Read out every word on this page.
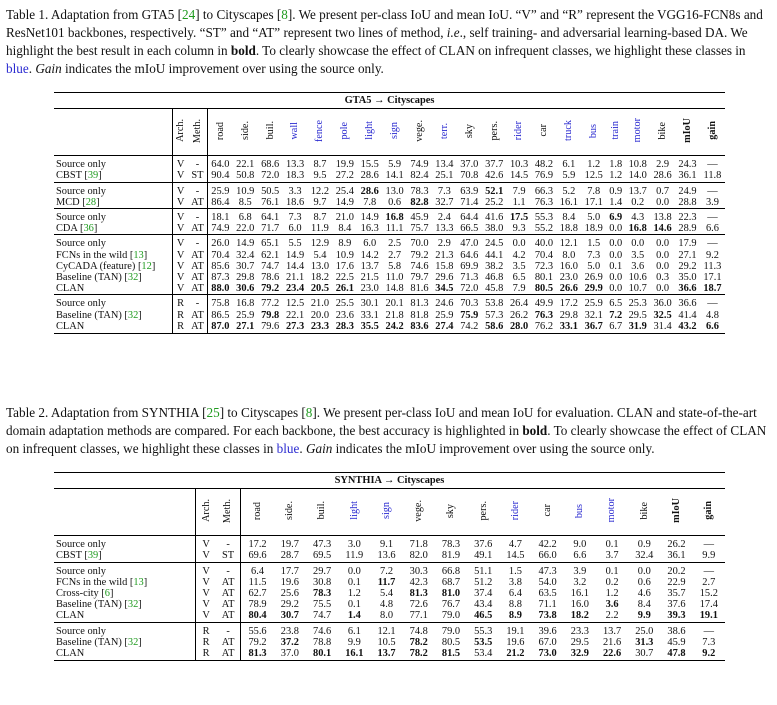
Table 1. Adaptation from GTA5 [24] to Cityscapes [8]. We present per-class IoU and mean IoU. “V” and “R” represent the VGG16-FCN8s and ResNet101 backbones, respectively. “ST” and “AT” represent two lines of method, i.e., self training- and adversarial learning-based DA. We highlight the best result in each column in bold. To clearly showcase the effect of CLAN on infrequent classes, we highlight these classes in blue. Gain indicates the mIoU improvement over using the source only.
GTA5 → Cityscapes																							
	Arch.	Meth.	road	side.	buil.	wall	fence	pole	light	sign	vege.	terr.	sky	pers.	rider	car	truck	bus	train	motor	bike	mIoU	gain
Source only	V	-	64.0	22.1	68.6	13.3	8.7	19.9	15.5	5.9	74.9	13.4	37.0	37.7	10.3	48.2	6.1	1.2	1.8	10.8	2.9	24.3	—
CBST [39]	V	ST	90.4	50.8	72.0	18.3	9.5	27.2	28.6	14.1	82.4	25.1	70.8	42.6	14.5	76.9	5.9	12.5	1.2	14.0	28.6	36.1	11.8
Source only	V	-	25.9	10.9	50.5	3.3	12.2	25.4	28.6	13.0	78.3	7.3	63.9	52.1	7.9	66.3	5.2	7.8	0.9	13.7	0.7	24.9	—
MCD [28]	V	AT	86.4	8.5	76.1	18.6	9.7	14.9	7.8	0.6	82.8	32.7	71.4	25.2	1.1	76.3	16.1	17.1	1.4	0.2	0.0	28.8	3.9
Source only	V	-	18.1	6.8	64.1	7.3	8.7	21.0	14.9	16.8	45.9	2.4	64.4	41.6	17.5	55.3	8.4	5.0	6.9	4.3	13.8	22.3	—
CDA [36]	V	AT	74.9	22.0	71.7	6.0	11.9	8.4	16.3	11.1	75.7	13.3	66.5	38.0	9.3	55.2	18.8	18.9	0.0	16.8	14.6	28.9	6.6
Source only	V	-	26.0	14.9	65.1	5.5	12.9	8.9	6.0	2.5	70.0	2.9	47.0	24.5	0.0	40.0	12.1	1.5	0.0	0.0	0.0	17.9	—
FCNs in the wild [13]	V	AT	70.4	32.4	62.1	14.9	5.4	10.9	14.2	2.7	79.2	21.3	64.6	44.1	4.2	70.4	8.0	7.3	0.0	3.5	0.0	27.1	9.2
CyCADA (feature) [12]	V	AT	85.6	30.7	74.7	14.4	13.0	17.6	13.7	5.8	74.6	15.8	69.9	38.2	3.5	72.3	16.0	5.0	0.1	3.6	0.0	29.2	11.3
Baseline (TAN) [32]	V	AT	87.3	29.8	78.6	21.1	18.2	22.5	21.5	11.0	79.7	29.6	71.3	46.8	6.5	80.1	23.0	26.9	0.0	10.6	0.3	35.0	17.1
CLAN	V	AT	88.0	30.6	79.2	23.4	20.5	26.1	23.0	14.8	81.6	34.5	72.0	45.8	7.9	80.5	26.6	29.9	0.0	10.7	0.0	36.6	18.7
Source only	R	-	75.8	16.8	77.2	12.5	21.0	25.5	30.1	20.1	81.3	24.6	70.3	53.8	26.4	49.9	17.2	25.9	6.5	25.3	36.0	36.6	—
Baseline (TAN) [32]	R	AT	86.5	25.9	79.8	22.1	20.0	23.6	33.1	21.8	81.8	25.9	75.9	57.3	26.2	76.3	29.8	32.1	7.2	29.5	32.5	41.4	4.8
CLAN	R	AT	87.0	27.1	79.6	27.3	23.3	28.3	35.5	24.2	83.6	27.4	74.2	58.6	28.0	76.2	33.1	36.7	6.7	31.9	31.4	43.2	6.6
Table 2. Adaptation from SYNTHIA [25] to Cityscapes [8]. We present per-class IoU and mean IoU for evaluation. CLAN and state-of-the-art domain adaptation methods are compared. For each backbone, the best accuracy is highlighted in bold. To clearly showcase the effect of CLAN on infrequent classes, we highlight these classes in blue. Gain indicates the mIoU improvement over using the source only.
SYNTHIA → Cityscapes																	
	Arch.	Meth.	road	side.	buil.	light	sign	vege.	sky	pers.	rider	car	bus	motor	bike	mIoU	gain
Source only	V	-	17.2	19.7	47.3	3.0	9.1	71.8	78.3	37.6	4.7	42.2	9.0	0.1	0.9	26.2	—
CBST [39]	V	ST	69.6	28.7	69.5	11.9	13.6	82.0	81.9	49.1	14.5	66.0	6.6	3.7	32.4	36.1	9.9
Source only	V	-	6.4	17.7	29.7	0.0	7.2	30.3	66.8	51.1	1.5	47.3	3.9	0.1	0.0	20.2	—
FCNs in the wild [13]	V	AT	11.5	19.6	30.8	0.1	11.7	42.3	68.7	51.2	3.8	54.0	3.2	0.2	0.6	22.9	2.7
Cross-city [6]	V	AT	62.7	25.6	78.3	1.2	5.4	81.3	81.0	37.4	6.4	63.5	16.1	1.2	4.6	35.7	15.2
Baseline (TAN) [32]	V	AT	78.9	29.2	75.5	0.1	4.8	72.6	76.7	43.4	8.8	71.1	16.0	3.6	8.4	37.6	17.4
CLAN	V	AT	80.4	30.7	74.7	1.4	8.0	77.1	79.0	46.5	8.9	73.8	18.2	2.2	9.9	39.3	19.1
Source only	R	-	55.6	23.8	74.6	6.1	12.1	74.8	79.0	55.3	19.1	39.6	23.3	13.7	25.0	38.6	—
Baseline (TAN) [32]	R	AT	79.2	37.2	78.8	9.9	10.5	78.2	80.5	53.5	19.6	67.0	29.5	21.6	31.3	45.9	7.3
CLAN	R	AT	81.3	37.0	80.1	16.1	13.7	78.2	81.5	53.4	21.2	73.0	32.9	22.6	30.7	47.8	9.2
